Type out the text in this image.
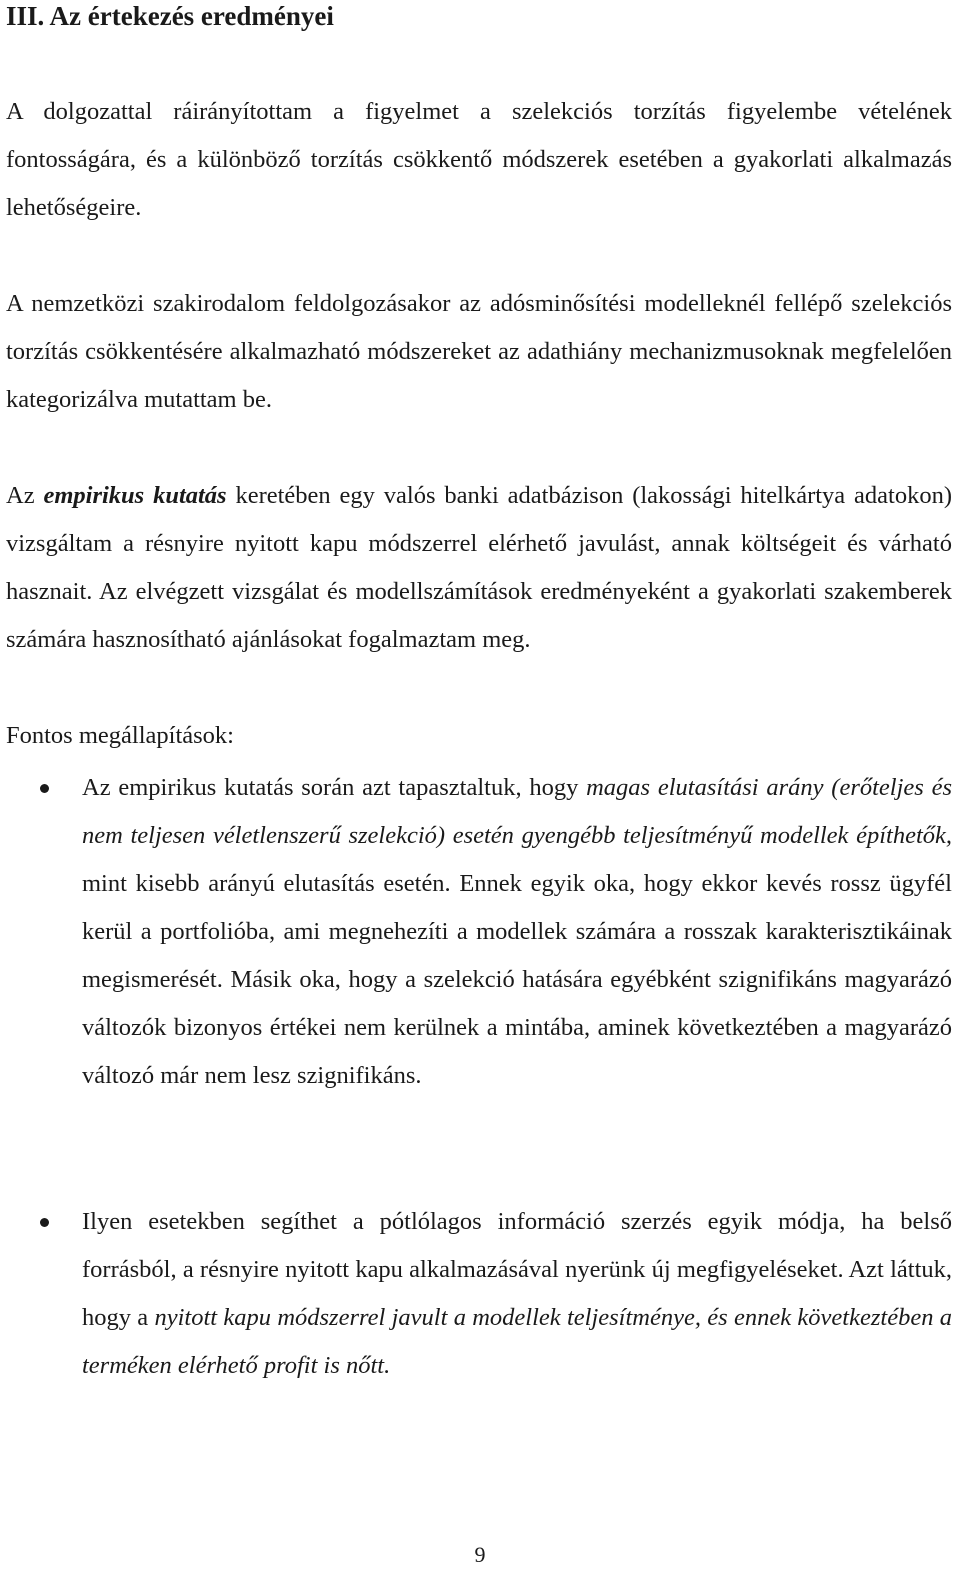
III. Az értekezés eredményei

A dolgozattal ráirányítottam a figyelmet a szelekciós torzítás figyelembe vételének fontosságára, és a különböző torzítás csökkentő módszerek esetében a gyakorlati alkalmazás lehetőségeire.

A nemzetközi szakirodalom feldolgozásakor az adósminősítési modelleknél fellépő szelekciós torzítás csökkentésére alkalmazható módszereket az adathiány mechanizmusoknak megfelelően kategorizálva mutattam be.

Az empirikus kutatás keretében egy valós banki adatbázison (lakossági hitelkártya adatokon) vizsgáltam a résnyire nyitott kapu módszerrel elérhető javulást, annak költségeit és várható hasznait. Az elvégzett vizsgálat és modellszámítások eredményeként a gyakorlati szakemberek számára hasznosítható ajánlásokat fogalmaztam meg.

Fontos megállapítások:

Az empirikus kutatás során azt tapasztaltuk, hogy magas elutasítási arány (erőteljes és nem teljesen véletlenszerű szelekció) esetén gyengébb teljesítményű modellek építhetők, mint kisebb arányú elutasítás esetén. Ennek egyik oka, hogy ekkor kevés rossz ügyfél kerül a portfolióba, ami megnehezíti a modellek számára a rosszak karakterisztikáinak megismerését. Másik oka, hogy a szelekció hatására egyébként szignifikáns magyarázó változók bizonyos értékei nem kerülnek a mintába, aminek következtében a magyarázó változó már nem lesz szignifikáns.

Ilyen esetekben segíthet a pótlólagos információ szerzés egyik módja, ha belső forrásból, a résnyire nyitott kapu alkalmazásával nyerünk új megfigyeléseket. Azt láttuk, hogy a nyitott kapu módszerrel javult a modellek teljesítménye, és ennek következtében a terméken elérhető profit is nőtt.

9
